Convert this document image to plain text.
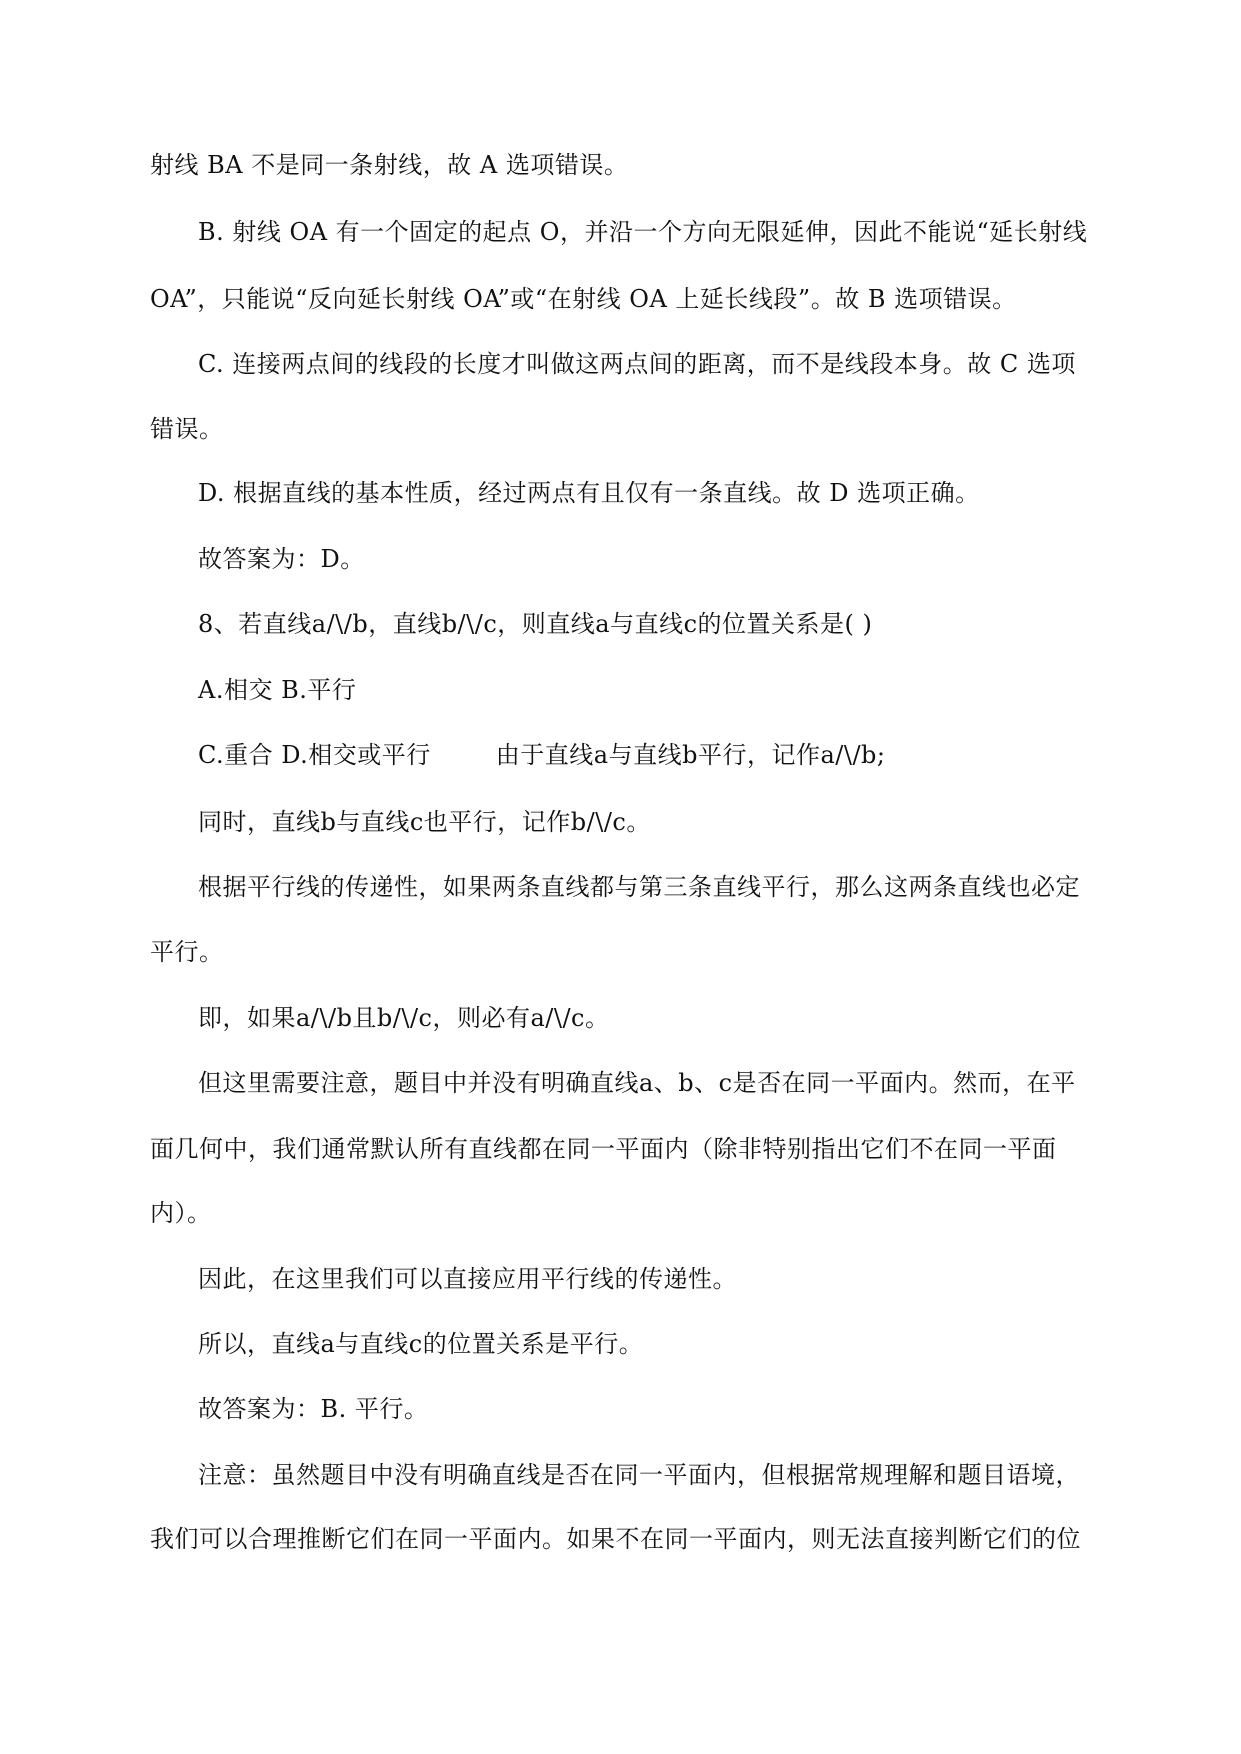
射线 BA 不是同一条射线，故 A 选项错误。
B. 射线 OA 有一个固定的起点 O，并沿一个方向无限延伸，因此不能说“延长射线
OA”，只能说“反向延长射线 OA”或“在射线 OA 上延长线段”。故 B 选项错误。
C. 连接两点间的线段的长度才叫做这两点间的距离，而不是线段本身。故 C 选项
错误。
D. 根据直线的基本性质，经过两点有且仅有一条直线。故 D 选项正确。
故答案为：D。
8、若直线a/\/b，直线b/\/c，则直线a与直线c的位置关系是( )
A.相交 B.平行
C.重合 D.相交或平行        由于直线a与直线b平行，记作a/\/b;
同时，直线b与直线c也平行，记作b/\/c。
根据平行线的传递性，如果两条直线都与第三条直线平行，那么这两条直线也必定
平行。
即，如果a/\/b且b/\/c，则必有a/\/c。
但这里需要注意，题目中并没有明确直线a、b、c是否在同一平面内。然而，在平
面几何中，我们通常默认所有直线都在同一平面内（除非特别指出它们不在同一平面
内）。
因此，在这里我们可以直接应用平行线的传递性。
所以，直线a与直线c的位置关系是平行。
故答案为：B. 平行。
注意：虽然题目中没有明确直线是否在同一平面内，但根据常规理解和题目语境，
我们可以合理推断它们在同一平面内。如果不在同一平面内，则无法直接判断它们的位
